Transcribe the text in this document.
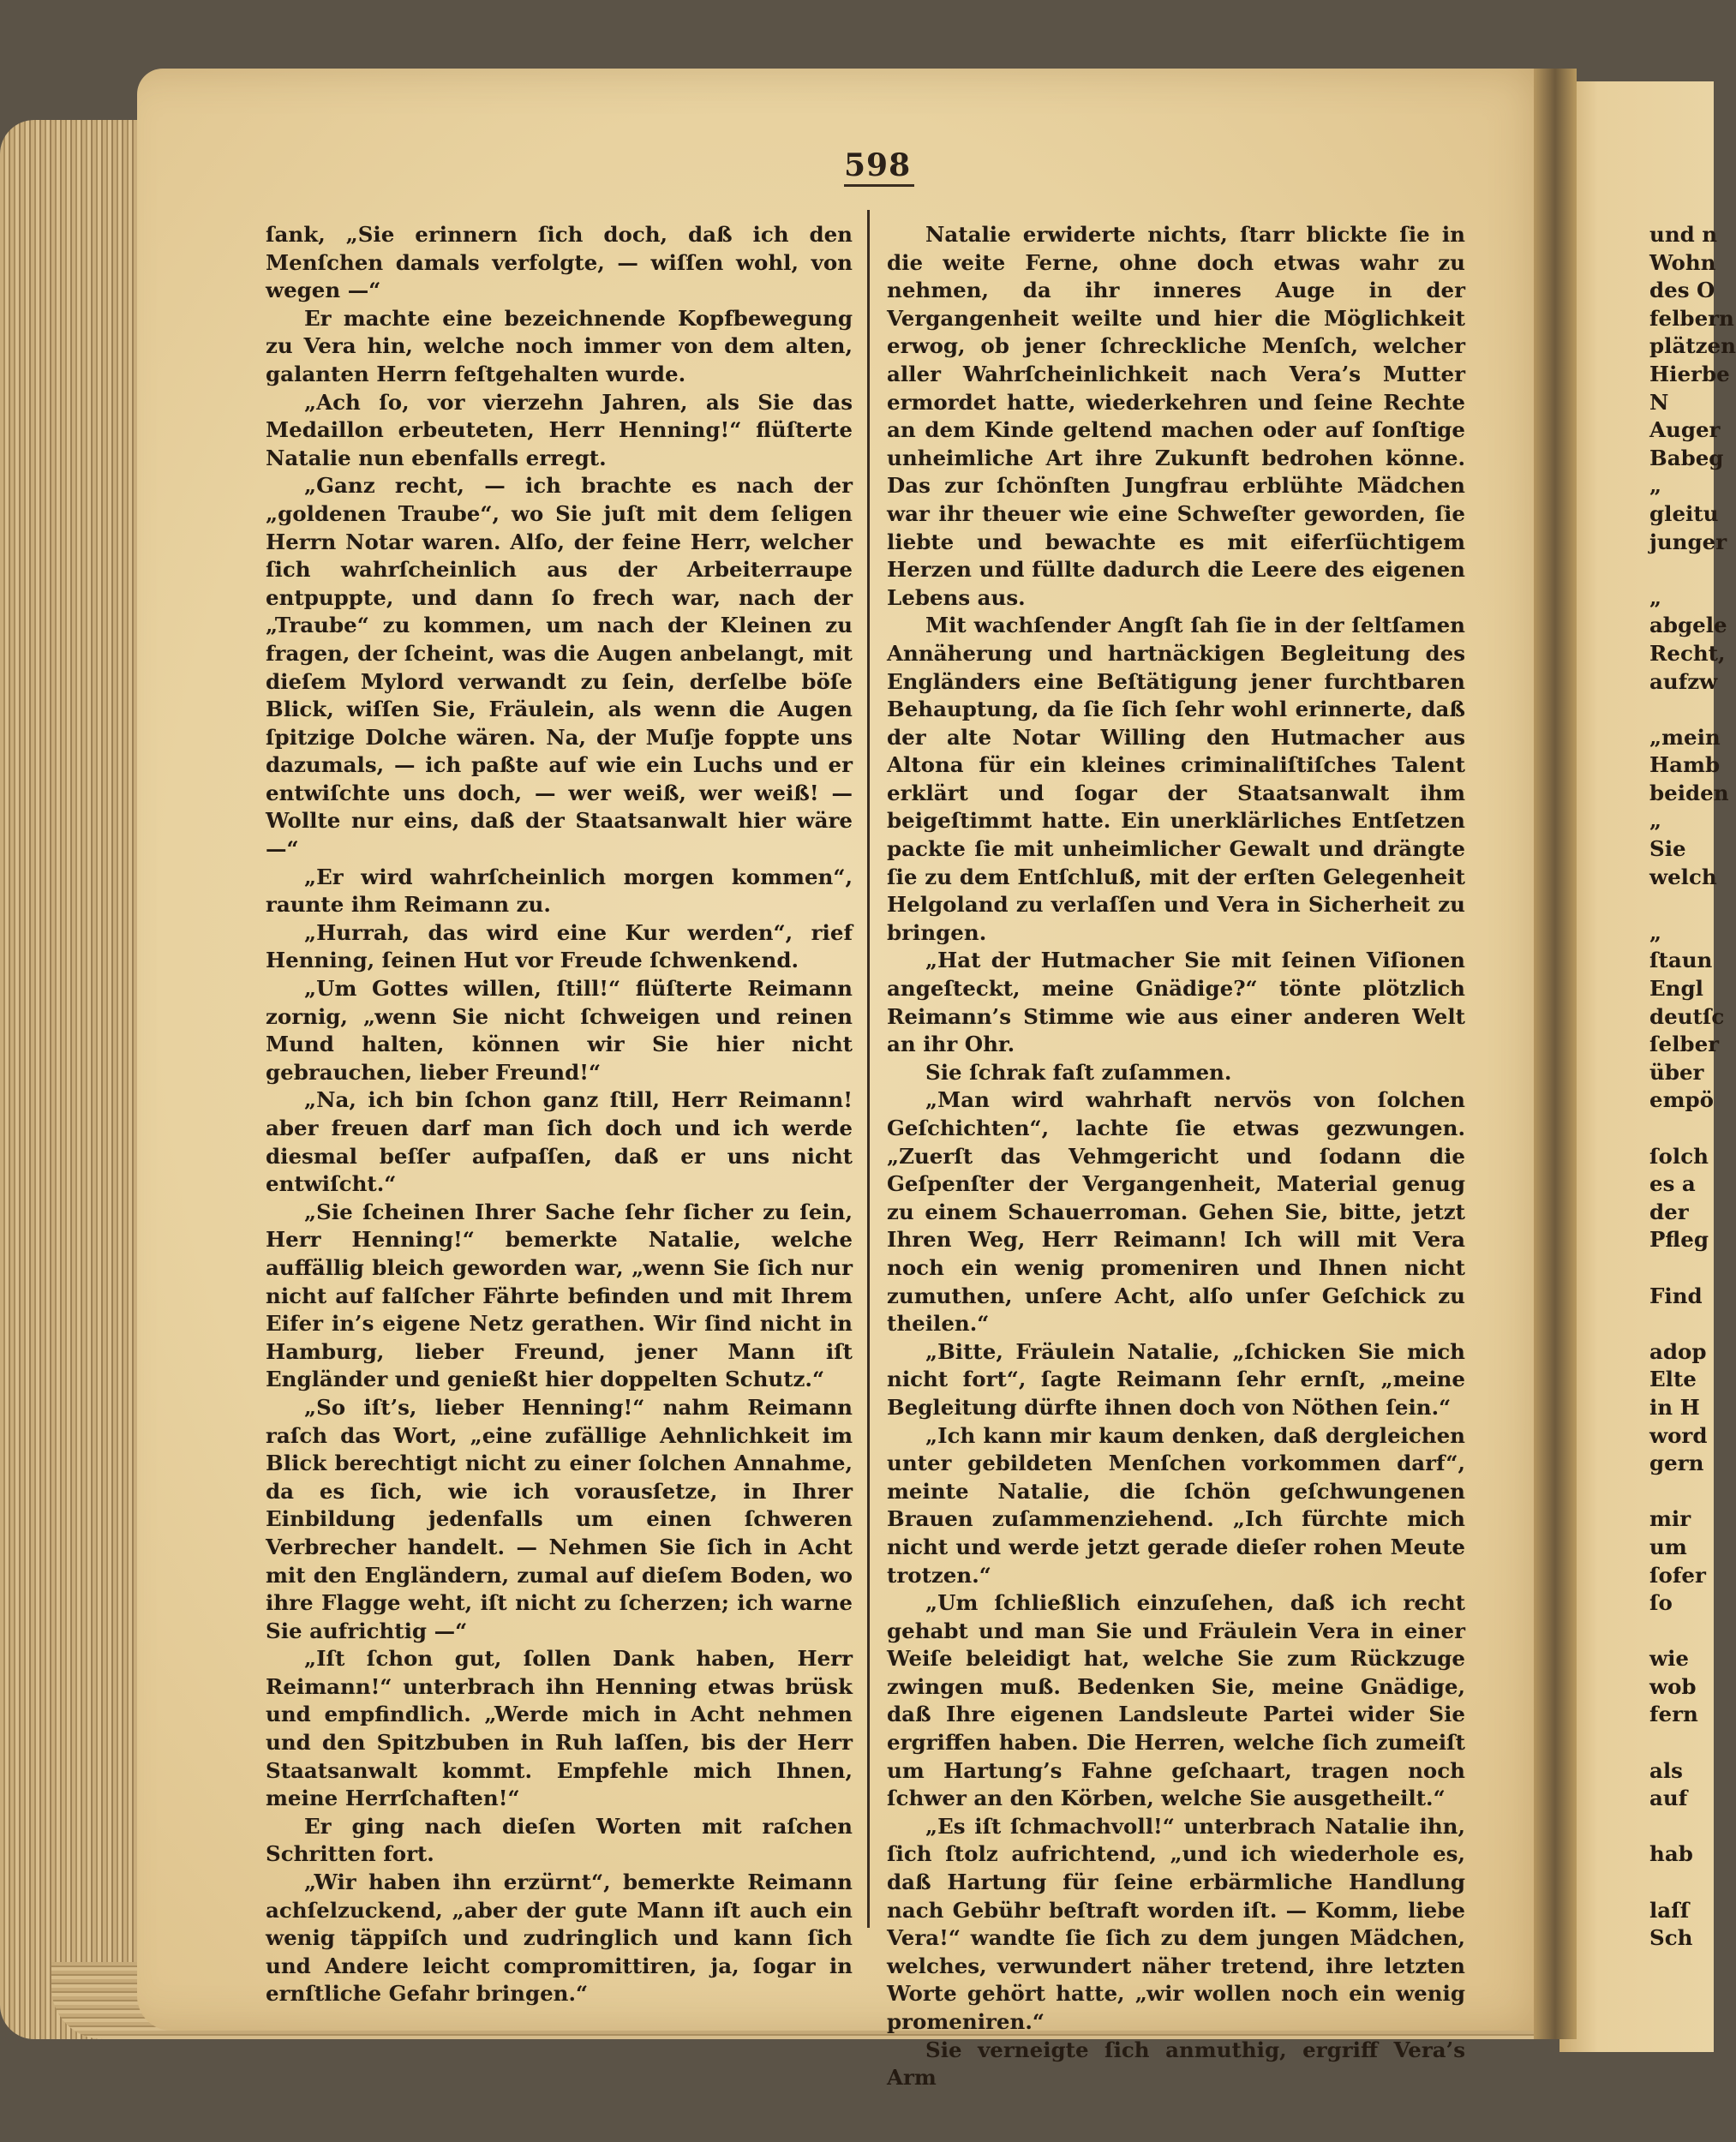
598

ſank, „Sie erinnern ſich doch, daß ich den Menſchen damals verfolgte, — wiſſen wohl, von wegen —“

Er machte eine bezeichnende Kopfbewegung zu Vera hin, welche noch immer von dem alten, galanten Herrn feſtgehalten wurde.

„Ach ſo, vor vierzehn Jahren, als Sie das Medaillon erbeuteten, Herr Henning!“ flüſterte Natalie nun ebenfalls erregt.

„Ganz recht, — ich brachte es nach der „goldenen Traube“, wo Sie juſt mit dem ſeligen Herrn Notar waren. Alſo, der feine Herr, welcher ſich wahrſcheinlich aus der Arbeiterraupe entpuppte, und dann ſo frech war, nach der „Traube“ zu kommen, um nach der Kleinen zu fragen, der ſcheint, was die Augen anbelangt, mit dieſem Mylord verwandt zu ſein, derſelbe böſe Blick, wiſſen Sie, Fräulein, als wenn die Augen ſpitzige Dolche wären. Na, der Muſje foppte uns dazumals, — ich paßte auf wie ein Luchs und er entwiſchte uns doch, — wer weiß, wer weiß! — Wollte nur eins, daß der Staatsanwalt hier wäre —“

„Er wird wahrſcheinlich morgen kommen“, raunte ihm Reimann zu.

„Hurrah, das wird eine Kur werden“, rief Henning, ſeinen Hut vor Freude ſchwenkend.

„Um Gottes willen, ſtill!“ flüſterte Reimann zornig, „wenn Sie nicht ſchweigen und reinen Mund halten, können wir Sie hier nicht gebrauchen, lieber Freund!“

„Na, ich bin ſchon ganz ſtill, Herr Reimann! aber freuen darf man ſich doch und ich werde diesmal beſſer aufpaſſen, daß er uns nicht entwiſcht.“

„Sie ſcheinen Ihrer Sache ſehr ſicher zu ſein, Herr Henning!“ bemerkte Natalie, welche auffällig bleich geworden war, „wenn Sie ſich nur nicht auf falſcher Fährte befinden und mit Ihrem Eifer in’s eigene Netz gerathen. Wir ſind nicht in Hamburg, lieber Freund, jener Mann iſt Engländer und genießt hier doppelten Schutz.“

„So iſt’s, lieber Henning!“ nahm Reimann raſch das Wort, „eine zufällige Aehnlichkeit im Blick berechtigt nicht zu einer ſolchen Annahme, da es ſich, wie ich vorausſetze, in Ihrer Einbildung jedenfalls um einen ſchweren Verbrecher handelt. — Nehmen Sie ſich in Acht mit den Engländern, zumal auf dieſem Boden, wo ihre Flagge weht, iſt nicht zu ſcherzen; ich warne Sie aufrichtig —“

„Iſt ſchon gut, ſollen Dank haben, Herr Reimann!“ unterbrach ihn Henning etwas brüsk und empfindlich. „Werde mich in Acht nehmen und den Spitzbuben in Ruh laſſen, bis der Herr Staatsanwalt kommt. Empfehle mich Ihnen, meine Herrſchaften!“

Er ging nach dieſen Worten mit raſchen Schritten fort.

„Wir haben ihn erzürnt“, bemerkte Reimann achſelzuckend, „aber der gute Mann iſt auch ein wenig täppiſch und zudringlich und kann ſich und Andere leicht compromittiren, ja, ſogar in ernſtliche Gefahr bringen.“

Natalie erwiderte nichts, ſtarr blickte ſie in die weite Ferne, ohne doch etwas wahr zu nehmen, da ihr inneres Auge in der Vergangenheit weilte und hier die Möglichkeit erwog, ob jener ſchreckliche Menſch, welcher aller Wahrſcheinlichkeit nach Vera’s Mutter ermordet hatte, wiederkehren und ſeine Rechte an dem Kinde geltend machen oder auf ſonſtige unheimliche Art ihre Zukunft bedrohen könne. Das zur ſchönſten Jungfrau erblühte Mädchen war ihr theuer wie eine Schweſter geworden, ſie liebte und bewachte es mit eiferſüchtigem Herzen und füllte dadurch die Leere des eigenen Lebens aus.

Mit wachſender Angſt ſah ſie in der ſeltſamen Annäherung und hartnäckigen Begleitung des Engländers eine Beſtätigung jener furchtbaren Behauptung, da ſie ſich ſehr wohl erinnerte, daß der alte Notar Willing den Hutmacher aus Altona für ein kleines criminaliſtiſches Talent erklärt und ſogar der Staatsanwalt ihm beigeſtimmt hatte. Ein unerklärliches Entſetzen packte ſie mit unheimlicher Gewalt und drängte ſie zu dem Entſchluß, mit der erſten Gelegenheit Helgoland zu verlaſſen und Vera in Sicherheit zu bringen.

„Hat der Hutmacher Sie mit ſeinen Viſionen angeſteckt, meine Gnädige?“ tönte plötzlich Reimann’s Stimme wie aus einer anderen Welt an ihr Ohr.

Sie ſchrak faſt zuſammen.

„Man wird wahrhaft nervös von ſolchen Geſchichten“, lachte ſie etwas gezwungen. „Zuerſt das Vehmgericht und ſodann die Geſpenſter der Vergangenheit, Material genug zu einem Schauerroman. Gehen Sie, bitte, jetzt Ihren Weg, Herr Reimann! Ich will mit Vera noch ein wenig promeniren und Ihnen nicht zumuthen, unſere Acht, alſo unſer Geſchick zu theilen.“

„Bitte, Fräulein Natalie, „ſchicken Sie mich nicht fort“, ſagte Reimann ſehr ernſt, „meine Begleitung dürfte ihnen doch von Nöthen ſein.“

„Ich kann mir kaum denken, daß dergleichen unter gebildeten Menſchen vorkommen darf“, meinte Natalie, die ſchön geſchwungenen Brauen zuſammenziehend. „Ich fürchte mich nicht und werde jetzt gerade dieſer rohen Meute trotzen.“

„Um ſchließlich einzuſehen, daß ich recht gehabt und man Sie und Fräulein Vera in einer Weiſe beleidigt hat, welche Sie zum Rückzuge zwingen muß. Bedenken Sie, meine Gnädige, daß Ihre eigenen Landsleute Partei wider Sie ergriffen haben. Die Herren, welche ſich zumeiſt um Hartung’s Fahne geſchaart, tragen noch ſchwer an den Körben, welche Sie ausgetheilt.“

„Es iſt ſchmachvoll!“ unterbrach Natalie ihn, ſich ſtolz aufrichtend, „und ich wiederhole es, daß Hartung für ſeine erbärmliche Handlung nach Gebühr beſtraft worden iſt. — Komm, liebe Vera!“ wandte ſie ſich zu dem jungen Mädchen, welches, verwundert näher tretend, ihre letzten Worte gehört hatte, „wir wollen noch ein wenig promeniren.“

Sie verneigte ſich anmuthig, ergriff Vera’s Arm

und n
Wohn
des O
felbern
plätzen
Hierbe
N
Auger
Babeg
„
gleitu
junger
„
abgele
Recht,
aufzw
„mein
Hamb
beiden
„
Sie
welch
„
ſtaun
Engl
deutſc
ſelber
über
empö
ſolch
es a
der
Pfleg
Find
adop
Elte
in H
word
gern
mir
um
ſofer
ſo
wie
wob
fern
als
auf
hab
laſſ
Sch
